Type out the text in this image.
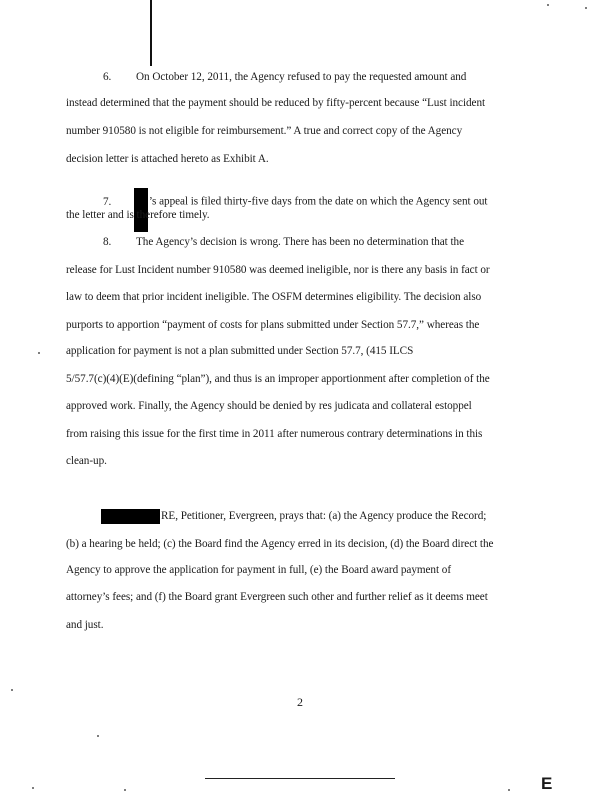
6. On October 12, 2011, the Agency refused to pay the requested amount and
instead determined that the payment should be reduced by fifty-percent because “Lust incident
number 910580 is not eligible for reimbursement.” A true and correct copy of the Agency
decision letter is attached hereto as Exhibit A.
7.	’s appeal is filed thirty-five days from the date on which the Agency sent out
the letter and is therefore timely.
8. The Agency’s decision is wrong. There has been no determination that the
release for Lust Incident number 910580 was deemed ineligible, nor is there any basis in fact or
law to deem that prior incident ineligible. The OSFM determines eligibility. The decision also
purports to apportion “payment of costs for plans submitted under Section 57.7,” whereas the
application for payment is not a plan submitted under Section 57.7, (415 ILCS
5/57.7(c)(4)(E)(defining “plan”), and thus is an improper apportionment after completion of the
approved work. Finally, the Agency should be denied by res judicata and collateral estoppel
from raising this issue for the first time in 2011 after numerous contrary determinations in this
clean-up.
RE, Petitioner, Evergreen, prays that: (a) the Agency produce the Record;
(b) a hearing be held; (c) the Board find the Agency erred in its decision, (d) the Board direct the
Agency to approve the application for payment in full, (e) the Board award payment of
attorney’s fees; and (f) the Board grant Evergreen such other and further relief as it deems meet
and just.
2
E
